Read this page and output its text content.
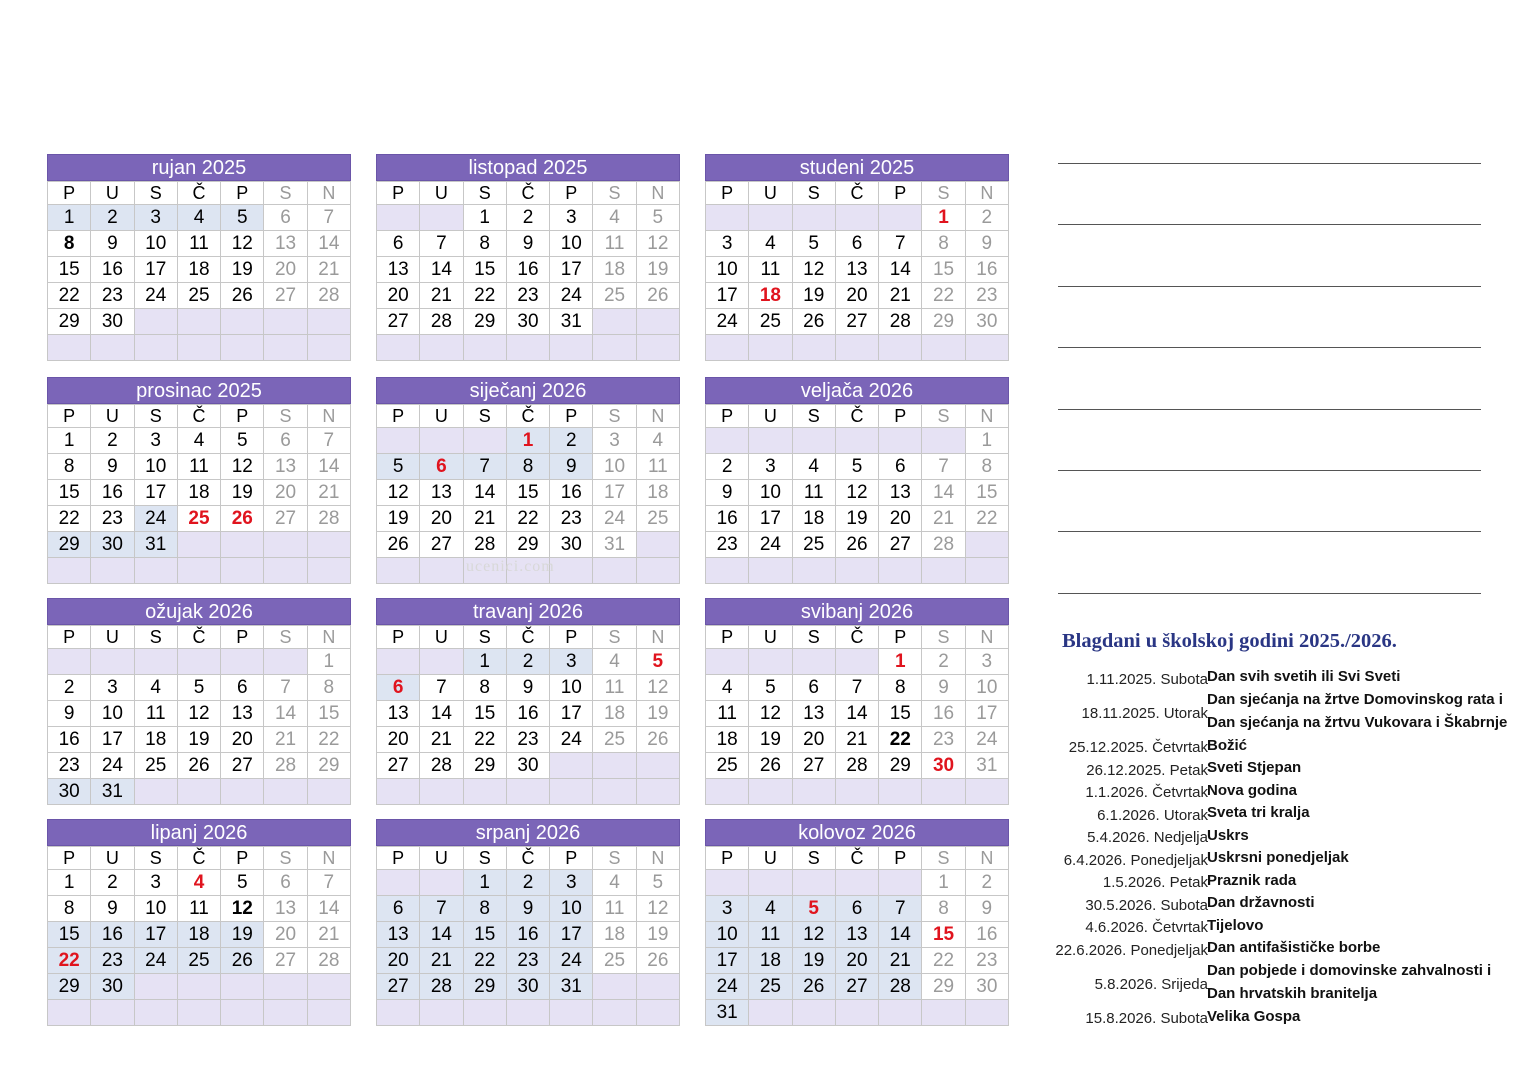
rujan 2025
P	U	S	Č	P	S	N
1	2	3	4	5	6	7
8	9	10	11	12	13	14
15	16	17	18	19	20	21
22	23	24	25	26	27	28
29	30					

listopad 2025
P	U	S	Č	P	S	N
		1	2	3	4	5
6	7	8	9	10	11	12
13	14	15	16	17	18	19
20	21	22	23	24	25	26
27	28	29	30	31		

studeni 2025
P	U	S	Č	P	S	N
					1	2
3	4	5	6	7	8	9
10	11	12	13	14	15	16
17	18	19	20	21	22	23
24	25	26	27	28	29	30

prosinac 2025
P	U	S	Č	P	S	N
1	2	3	4	5	6	7
8	9	10	11	12	13	14
15	16	17	18	19	20	21
22	23	24	25	26	27	28
29	30	31				

siječanj 2026
P	U	S	Č	P	S	N
			1	2	3	4
5	6	7	8	9	10	11
12	13	14	15	16	17	18
19	20	21	22	23	24	25
26	27	28	29	30	31	

veljača 2026
P	U	S	Č	P	S	N
						1
2	3	4	5	6	7	8
9	10	11	12	13	14	15
16	17	18	19	20	21	22
23	24	25	26	27	28	

ožujak 2026
P	U	S	Č	P	S	N
						1
2	3	4	5	6	7	8
9	10	11	12	13	14	15
16	17	18	19	20	21	22
23	24	25	26	27	28	29
30	31					
travanj 2026
P	U	S	Č	P	S	N
		1	2	3	4	5
6	7	8	9	10	11	12
13	14	15	16	17	18	19
20	21	22	23	24	25	26
27	28	29	30			

svibanj 2026
P	U	S	Č	P	S	N
				1	2	3
4	5	6	7	8	9	10
11	12	13	14	15	16	17
18	19	20	21	22	23	24
25	26	27	28	29	30	31

lipanj 2026
P	U	S	Č	P	S	N
1	2	3	4	5	6	7
8	9	10	11	12	13	14
15	16	17	18	19	20	21
22	23	24	25	26	27	28
29	30					

srpanj 2026
P	U	S	Č	P	S	N
		1	2	3	4	5
6	7	8	9	10	11	12
13	14	15	16	17	18	19
20	21	22	23	24	25	26
27	28	29	30	31		

kolovoz 2026
P	U	S	Č	P	S	N
					1	2
3	4	5	6	7	8	9
10	11	12	13	14	15	16
17	18	19	20	21	22	23
24	25	26	27	28	29	30
31						
Blagdani u školskoj godini 2025./2026.
1.11.2025. Subota Dan svih svetih ili Svi Sveti
18.11.2025. Utorak
Dan sjećanja na žrtve Domovinskog rata i
Dan sjećanja na žrtvu Vukovara i Škabrnje
25.12.2025. Četvrtak Božić
26.12.2025. Petak Sveti Stjepan
1.1.2026. Četvrtak Nova godina
6.1.2026. Utorak Sveta tri kralja
5.4.2026. Nedjelja Uskrs
6.4.2026. Ponedjeljak Uskrsni ponedjeljak
1.5.2026. Petak Praznik rada
30.5.2026. Subota Dan državnosti
4.6.2026. Četvrtak Tijelovo
22.6.2026. Ponedjeljak Dan antifašističke borbe
5.8.2026. Srijeda
Dan pobjede i domovinske zahvalnosti i
Dan hrvatskih branitelja
15.8.2026. Subota Velika Gospa
ucenici.com
